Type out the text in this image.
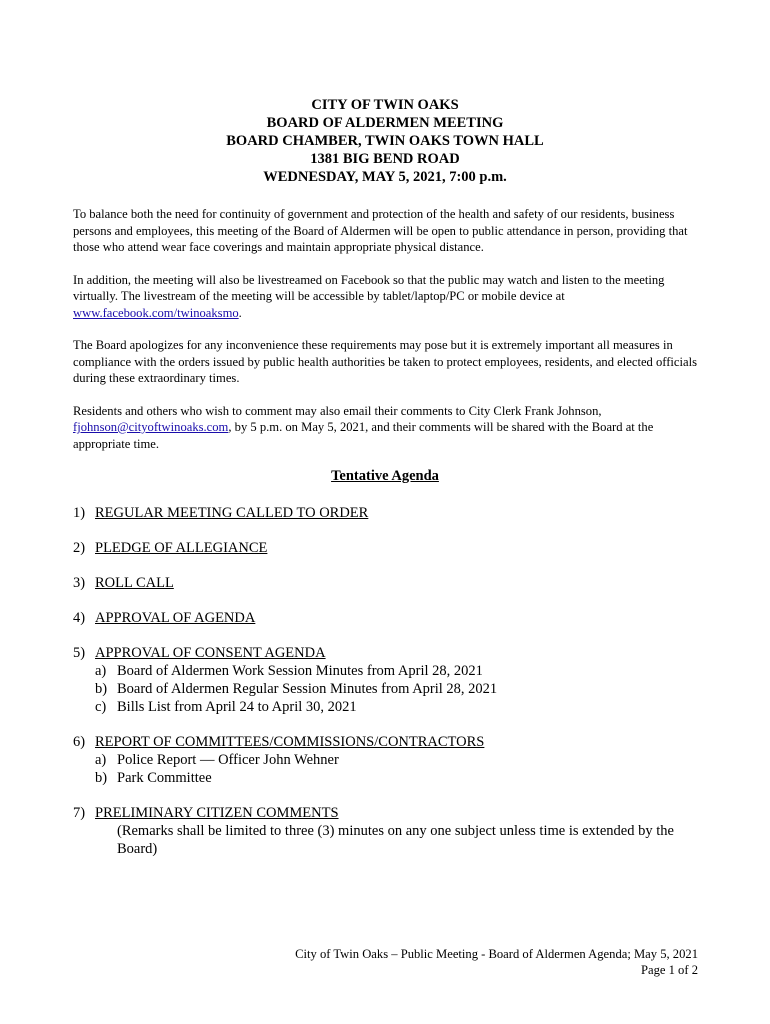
CITY OF TWIN OAKS
BOARD OF ALDERMEN MEETING
BOARD CHAMBER, TWIN OAKS TOWN HALL
1381 BIG BEND ROAD
WEDNESDAY, MAY 5, 2021, 7:00 p.m.

To balance both the need for continuity of government and protection of the health and safety of our residents, business persons and employees, this meeting of the Board of Aldermen will be open to public attendance in person, providing that those who attend wear face coverings and maintain appropriate physical distance.

In addition, the meeting will also be livestreamed on Facebook so that the public may watch and listen to the meeting virtually. The livestream of the meeting will be accessible by tablet/laptop/PC or mobile device at www.facebook.com/twinoaksmo.

The Board apologizes for any inconvenience these requirements may pose but it is extremely important all measures in compliance with the orders issued by public health authorities be taken to protect employees, residents, and elected officials during these extraordinary times.

Residents and others who wish to comment may also email their comments to City Clerk Frank Johnson, fjohnson@cityoftwinoaks.com, by 5 p.m. on May 5, 2021, and their comments will be shared with the Board at the appropriate time.

Tentative Agenda
1) REGULAR MEETING CALLED TO ORDER
2) PLEDGE OF ALLEGIANCE
3) ROLL CALL
4) APPROVAL OF AGENDA
5) APPROVAL OF CONSENT AGENDA
a) Board of Aldermen Work Session Minutes from April 28, 2021
b) Board of Aldermen Regular Session Minutes from April 28, 2021
c) Bills List from April 24 to April 30, 2021
6) REPORT OF COMMITTEES/COMMISSIONS/CONTRACTORS
a) Police Report — Officer John Wehner
b) Park Committee
7) PRELIMINARY CITIZEN COMMENTS
(Remarks shall be limited to three (3) minutes on any one subject unless time is extended by the Board)
City of Twin Oaks – Public Meeting - Board of Aldermen Agenda; May 5, 2021
Page 1 of 2
